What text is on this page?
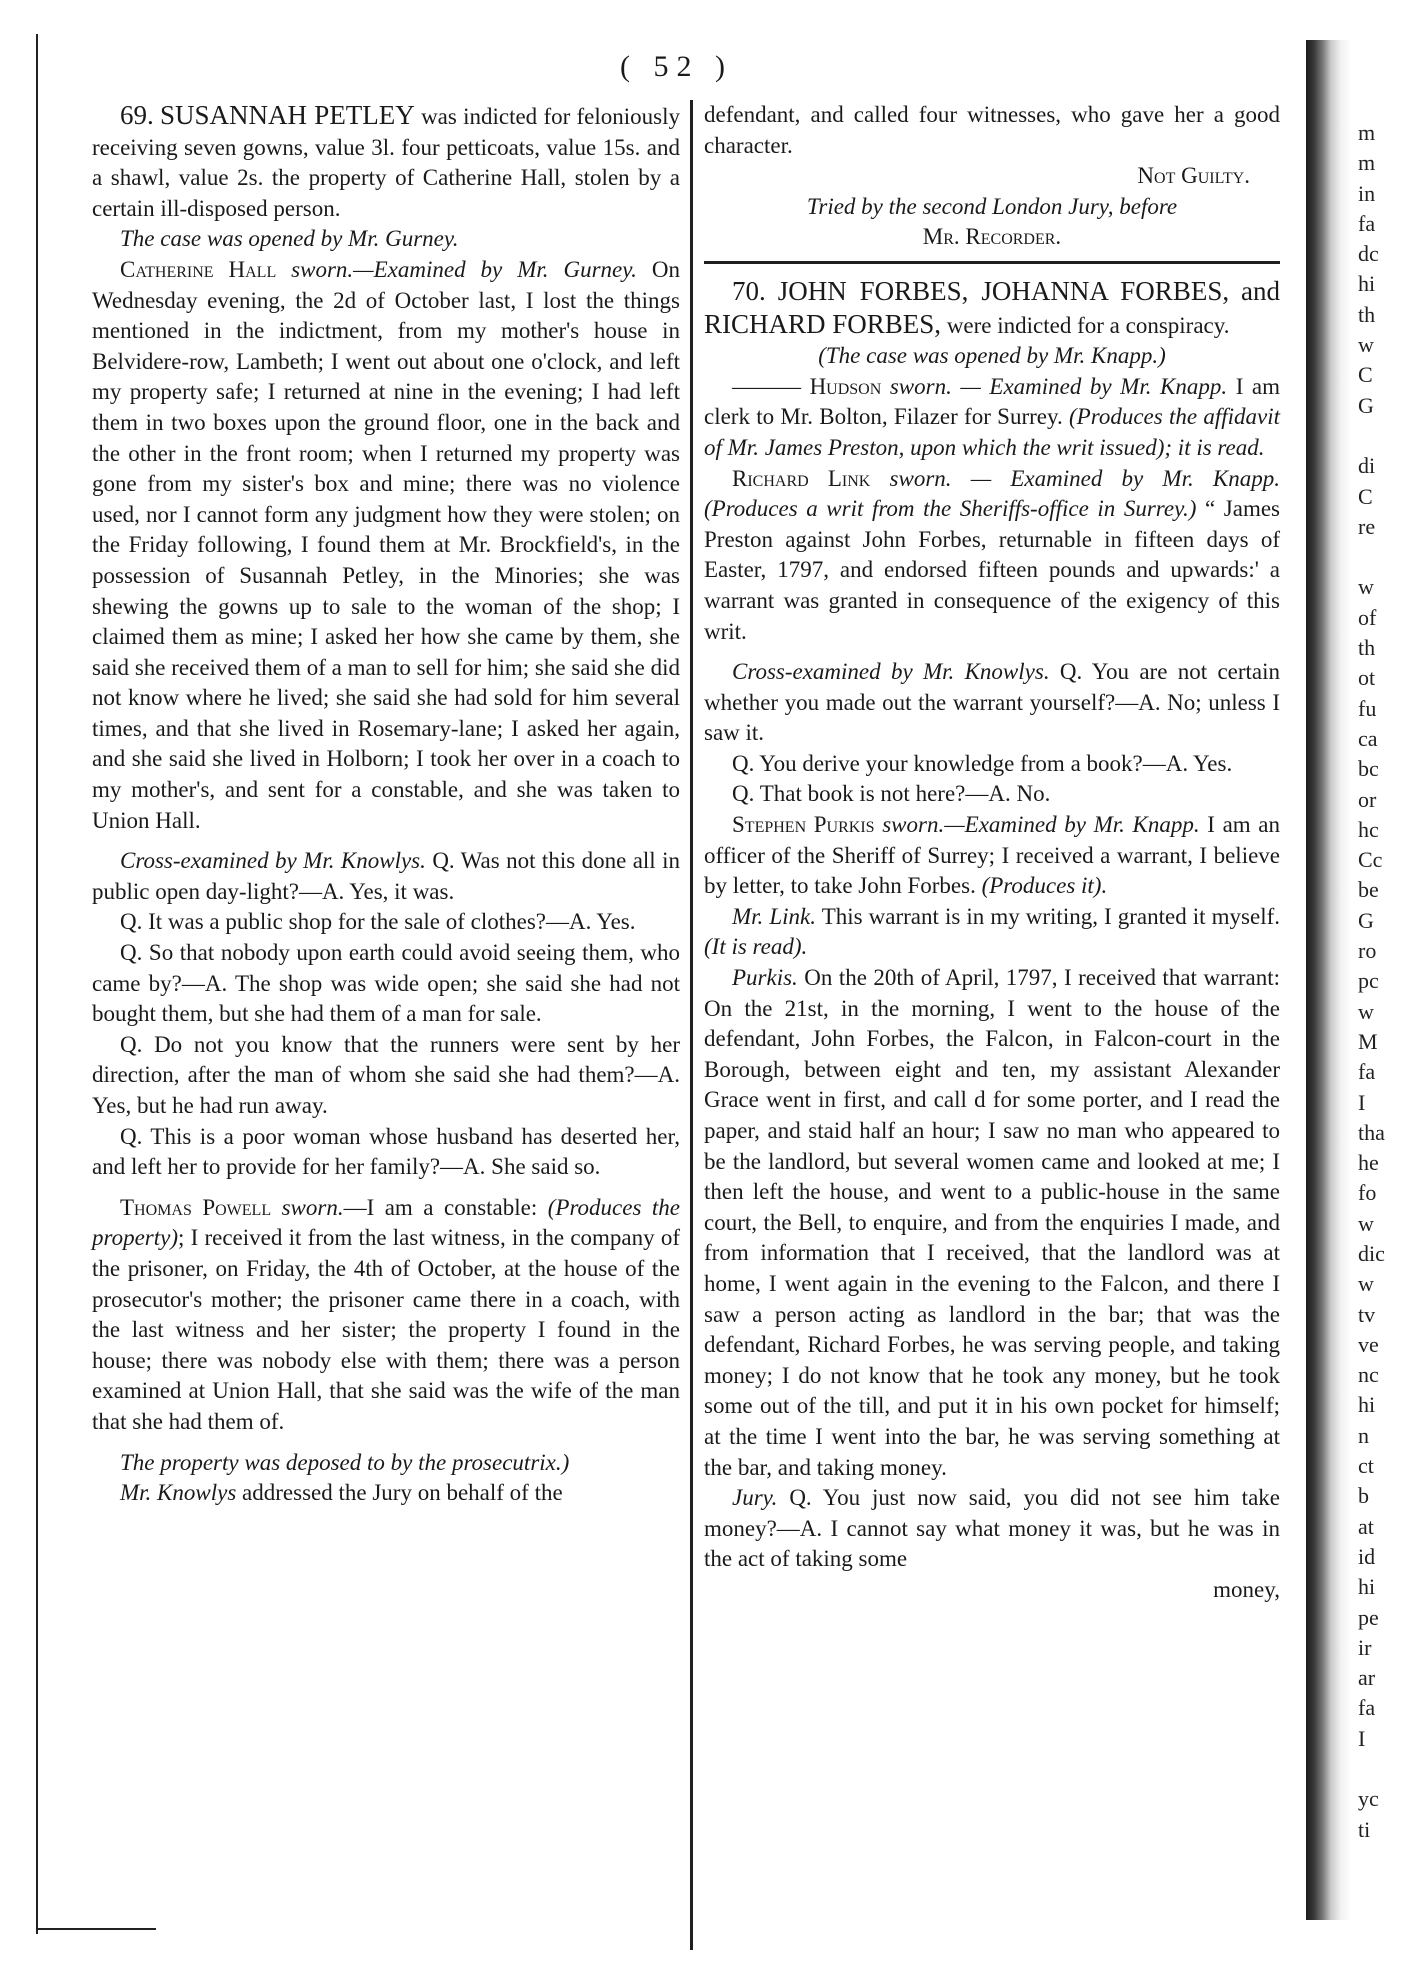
( 52 )

69. SUSANNAH PETLEY was indicted for feloniously receiving seven gowns, value 3l. four petticoats, value 15s. and a shawl, value 2s. the property of Catherine Hall, stolen by a certain ill-disposed person.

The case was opened by Mr. Gurney.

Catherine Hall sworn.—Examined by Mr. Gurney. On Wednesday evening, the 2d of October last, I lost the things mentioned in the indictment, from my mother's house in Belvidere-row, Lambeth; I went out about one o'clock, and left my property safe; I returned at nine in the evening; I had left them in two boxes upon the ground floor, one in the back and the other in the front room; when I returned my property was gone from my sister's box and mine; there was no violence used, nor I cannot form any judgment how they were stolen; on the Friday following, I found them at Mr. Brockfield's, in the possession of Susannah Petley, in the Minories; she was shewing the gowns up to sale to the woman of the shop; I claimed them as mine; I asked her how she came by them, she said she received them of a man to sell for him; she said she did not know where he lived; she said she had sold for him several times, and that she lived in Rosemary-lane; I asked her again, and she said she lived in Holborn; I took her over in a coach to my mother's, and sent for a constable, and she was taken to Union Hall.

Cross-examined by Mr. Knowlys. Q. Was not this done all in public open day-light?—A. Yes, it was.

Q. It was a public shop for the sale of clothes?—A. Yes.

Q. So that nobody upon earth could avoid seeing them, who came by?—A. The shop was wide open; she said she had not bought them, but she had them of a man for sale.

Q. Do not you know that the runners were sent by her direction, after the man of whom she said she had them?—A. Yes, but he had run away.

Q. This is a poor woman whose husband has deserted her, and left her to provide for her family?—A. She said so.

Thomas Powell sworn.—I am a constable: (Produces the property); I received it from the last witness, in the company of the prisoner, on Friday, the 4th of October, at the house of the prosecutor's mother; the prisoner came there in a coach, with the last witness and her sister; the property I found in the house; there was nobody else with them; there was a person examined at Union Hall, that she said was the wife of the man that she had them of.

The property was deposed to by the prosecutrix.)

Mr. Knowlys addressed the Jury on behalf of the

defendant, and called four witnesses, who gave her a good character.

Not Guilty.

Tried by the second London Jury, before

Mr. Recorder.

70. JOHN FORBES, JOHANNA FORBES, and RICHARD FORBES, were indicted for a conspiracy.

(The case was opened by Mr. Knapp.)

——— Hudson sworn. — Examined by Mr. Knapp. I am clerk to Mr. Bolton, Filazer for Surrey. (Produces the affidavit of Mr. James Preston, upon which the writ issued); it is read.

Richard Link sworn. — Examined by Mr. Knapp. (Produces a writ from the Sheriffs-office in Surrey.) “ James Preston against John Forbes, returnable in fifteen days of Easter, 1797, and endorsed fifteen pounds and upwards:' a warrant was granted in consequence of the exigency of this writ.

Cross-examined by Mr. Knowlys. Q. You are not certain whether you made out the warrant yourself?—A. No; unless I saw it.

Q. You derive your knowledge from a book?—A. Yes.

Q. That book is not here?—A. No.

Stephen Purkis sworn.—Examined by Mr. Knapp. I am an officer of the Sheriff of Surrey; I received a warrant, I believe by letter, to take John Forbes. (Produces it).

Mr. Link. This warrant is in my writing, I granted it myself. (It is read).

Purkis. On the 20th of April, 1797, I received that warrant: On the 21st, in the morning, I went to the house of the defendant, John Forbes, the Falcon, in Falcon-court in the Borough, between eight and ten, my assistant Alexander Grace went in first, and call d for some porter, and I read the paper, and staid half an hour; I saw no man who appeared to be the landlord, but several women came and looked at me; I then left the house, and went to a public-house in the same court, the Bell, to enquire, and from the enquiries I made, and from information that I received, that the landlord was at home, I went again in the evening to the Falcon, and there I saw a person acting as landlord in the bar; that was the defendant, Richard Forbes, he was serving people, and taking money; I do not know that he took any money, but he took some out of the till, and put it in his own pocket for himself; at the time I went into the bar, he was serving something at the bar, and taking money.

Jury. Q. You just now said, you did not see him take money?—A. I cannot say what money it was, but he was in the act of taking some

money,

m
m
in
fa
dc
hi
th
w
C
G

di
C
re

w
of
th
ot
fu
ca
bc
or
hc
Cc
be
G
ro
pc
w
M
fa
I
tha
he
fo
w
dic
w
tv
ve
nc
hi
n
ct
b
at
id
hi
pe
ir
ar
fa
I

yc
ti
